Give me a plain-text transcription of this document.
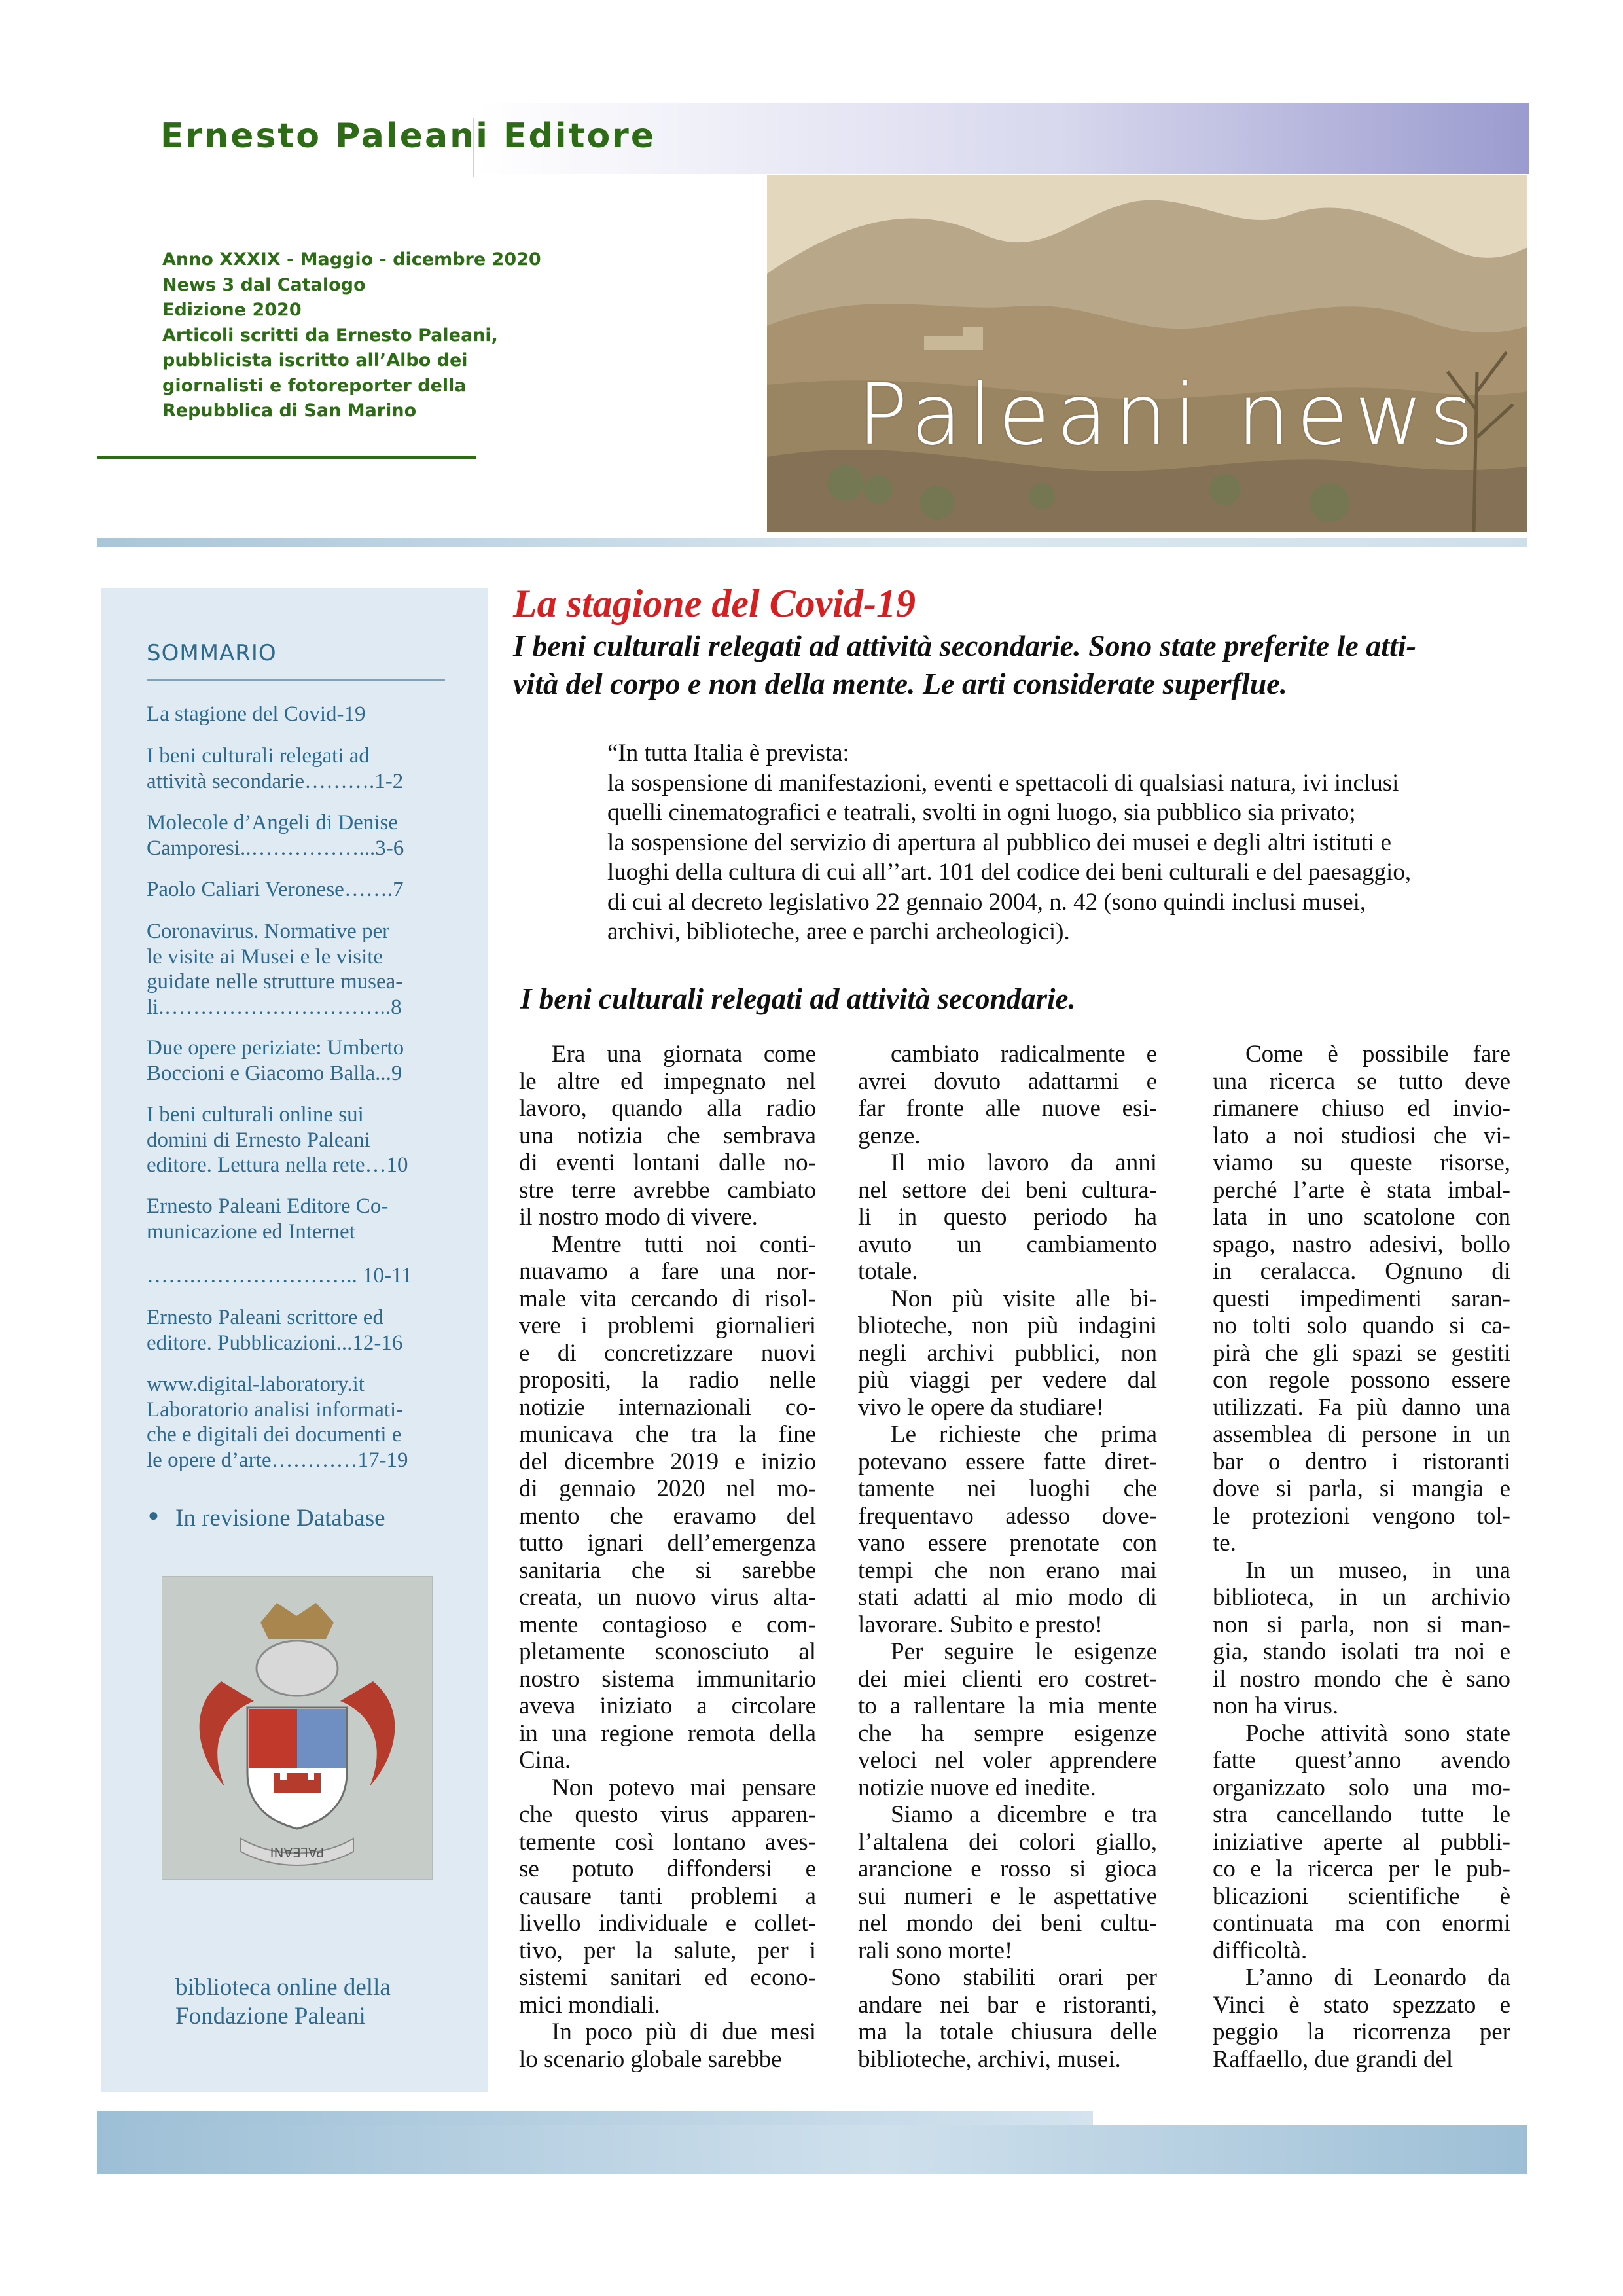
Ernesto Paleani Editore
Anno XXXIX - Maggio - dicembre 2020
News 3 dal Catalogo
Edizione 2020
Articoli scritti da Ernesto Paleani,
pubblicista iscritto all’Albo dei
giornalisti e fotoreporter della
Repubblica di San Marino	Paleani news
SOMMARIO
La stagione del Covid-19
I beni culturali relegati ad
attività secondarie……….1-2
Molecole d’Angeli di Denise
Camporesi..……………...3-6
Paolo Caliari Veronese…….7
Coronavirus. Normative per
le visite ai Musei e le visite
guidate nelle strutture musea-
li.…………………………..8
Due opere periziate: Umberto
Boccioni e Giacomo Balla...9
I beni culturali online sui
domini di Ernesto Paleani
editore. Lettura nella rete…10
Ernesto Paleani Editore Co-
municazione ed Internet
…….………………….. 10-11
Ernesto Paleani scrittore ed
editore. Pubblicazioni...12-16
www.digital-laboratory.it
Laboratorio analisi informati-
che e digitali dei documenti e
le opere d’arte…………17-19
● In revisione Database
PALEANI
biblioteca online della
Fondazione Paleani
La stagione del Covid-19
I beni culturali relegati ad attività secondarie. Sono state preferite le atti-
vità del corpo e non della mente. Le arti considerate superflue.
“In tutta Italia è prevista:
la sospensione di manifestazioni, eventi e spettacoli di qualsiasi natura, ivi inclusi
quelli cinematografici e teatrali, svolti in ogni luogo, sia pubblico sia privato;
la sospensione del servizio di apertura al pubblico dei musei e degli altri istituti e
luoghi della cultura di cui all’’art. 101 del codice dei beni culturali e del paesaggio,
di cui al decreto legislativo 22 gennaio 2004, n. 42 (sono quindi inclusi musei,
archivi, biblioteche, aree e parchi archeologici).
I beni culturali relegati ad attività secondarie.
Era una giornata come
le altre ed impegnato nel
lavoro, quando alla radio
una notizia che sembrava
di eventi lontani dalle no-
stre terre avrebbe cambiato
il nostro modo di vivere.
Mentre tutti noi conti-
nuavamo a fare una nor-
male vita cercando di risol-
vere i problemi giornalieri
e di concretizzare nuovi
propositi, la radio nelle
notizie internazionali co-
municava che tra la fine
del dicembre 2019 e inizio
di gennaio 2020 nel mo-
mento che eravamo del
tutto ignari dell’emergenza
sanitaria che si sarebbe
creata, un nuovo virus alta-
mente contagioso e com-
pletamente sconosciuto al
nostro sistema immunitario
aveva iniziato a circolare
in una regione remota della
Cina.
Non potevo mai pensare
che questo virus apparen-
temente così lontano aves-
se potuto diffondersi e
causare tanti problemi a
livello individuale e collet-
tivo, per la salute, per i
sistemi sanitari ed econo-
mici mondiali.
In poco più di due mesi
lo scenario globale sarebbe
cambiato radicalmente e
avrei dovuto adattarmi e
far fronte alle nuove esi-
genze.
Il mio lavoro da anni
nel settore dei beni cultura-
li in questo periodo ha
avuto un cambiamento
totale.
Non più visite alle bi-
blioteche, non più indagini
negli archivi pubblici, non
più viaggi per vedere dal
vivo le opere da studiare!
Le richieste che prima
potevano essere fatte diret-
tamente nei luoghi che
frequentavo adesso dove-
vano essere prenotate con
tempi che non erano mai
stati adatti al mio modo di
lavorare. Subito e presto!
Per seguire le esigenze
dei miei clienti ero costret-
to a rallentare la mia mente
che ha sempre esigenze
veloci nel voler apprendere
notizie nuove ed inedite.
Siamo a dicembre e tra
l’altalena dei colori giallo,
arancione e rosso si gioca
sui numeri e le aspettative
nel mondo dei beni cultu-
rali sono morte!
Sono stabiliti orari per
andare nei bar e ristoranti,
ma la totale chiusura delle
biblioteche, archivi, musei.
Come è possibile fare
una ricerca se tutto deve
rimanere chiuso ed invio-
lato a noi studiosi che vi-
viamo su queste risorse,
perché l’arte è stata imbal-
lata in uno scatolone con
spago, nastro adesivi, bollo
in ceralacca. Ognuno di
questi impedimenti saran-
no tolti solo quando si ca-
pirà che gli spazi se gestiti
con regole possono essere
utilizzati. Fa più danno una
assemblea di persone in un
bar o dentro i ristoranti
dove si parla, si mangia e
le protezioni vengono tol-
te.
In un museo, in una
biblioteca, in un archivio
non si parla, non si man-
gia, stando isolati tra noi e
il nostro mondo che è sano
non ha virus.
Poche attività sono state
fatte quest’anno avendo
organizzato solo una mo-
stra cancellando tutte le
iniziative aperte al pubbli-
co e la ricerca per le pub-
blicazioni scientifiche è
continuata ma con enormi
difficoltà.
L’anno di Leonardo da
Vinci è stato spezzato e
peggio la ricorrenza per
Raffaello, due grandi del
